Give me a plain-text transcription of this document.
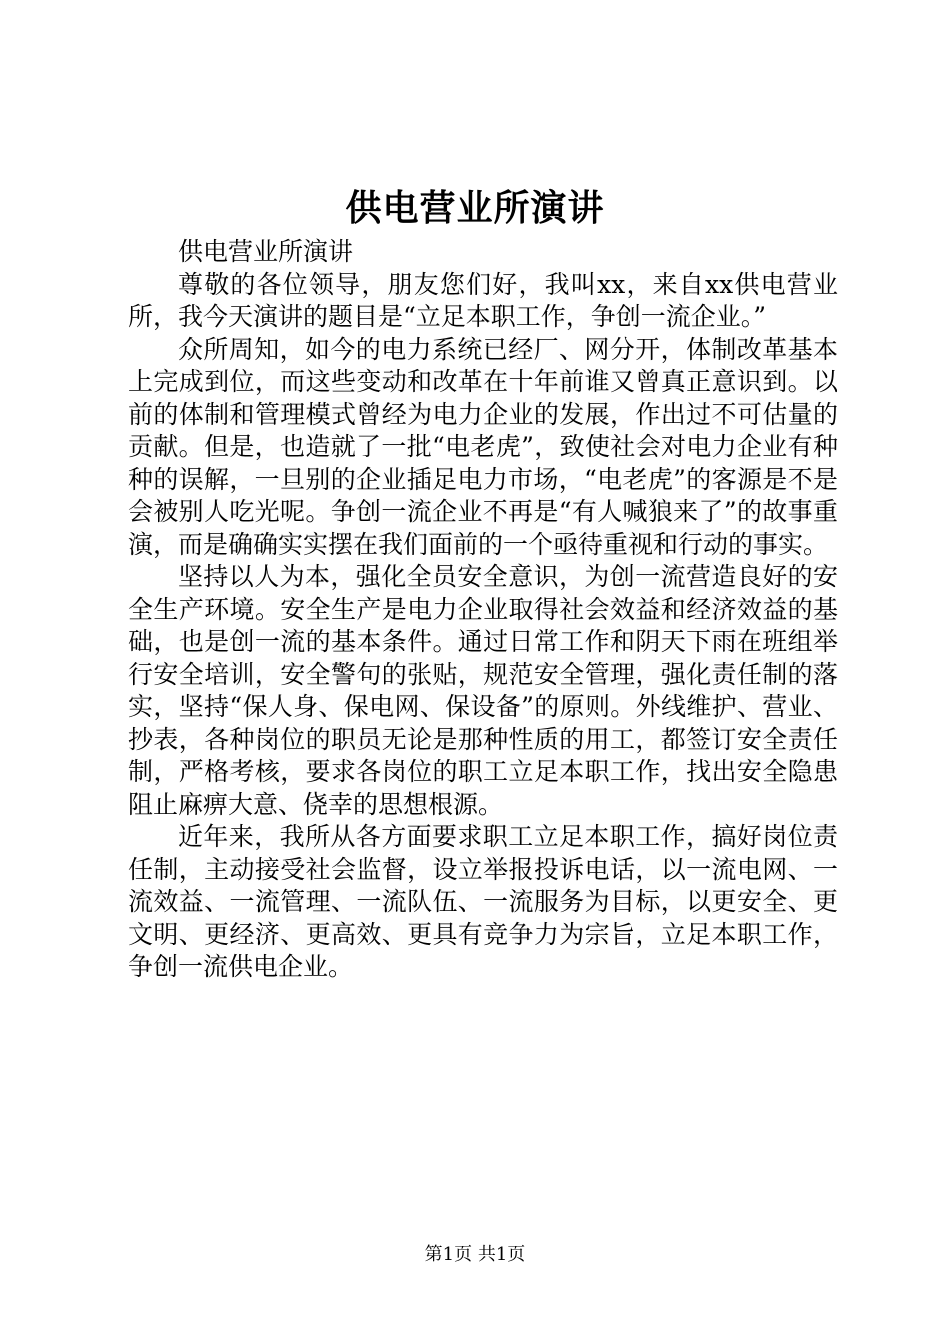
供电营业所演讲

供电营业所演讲

尊敬的各位领导，朋友您们好，我叫xx，来自xx供电营业所，我今天演讲的题目是“立足本职工作，争创一流企业。”

众所周知，如今的电力系统已经厂、网分开，体制改革基本上完成到位，而这些变动和改革在十年前谁又曾真正意识到。以前的体制和管理模式曾经为电力企业的发展，作出过不可估量的贡献。但是，也造就了一批“电老虎”，致使社会对电力企业有种种的误解，一旦别的企业插足电力市场，“电老虎”的客源是不是会被别人吃光呢。争创一流企业不再是“有人喊狼来了”的故事重演，而是确确实实摆在我们面前的一个亟待重视和行动的事实。

坚持以人为本，强化全员安全意识，为创一流营造良好的安全生产环境。安全生产是电力企业取得社会效益和经济效益的基础，也是创一流的基本条件。通过日常工作和阴天下雨在班组举行安全培训，安全警句的张贴，规范安全管理，强化责任制的落实，坚持“保人身、保电网、保设备”的原则。外线维护、营业、抄表，各种岗位的职员无论是那种性质的用工，都签订安全责任制，严格考核，要求各岗位的职工立足本职工作，找出安全隐患阻止麻痹大意、侥幸的思想根源。

近年来，我所从各方面要求职工立足本职工作，搞好岗位责任制，主动接受社会监督，设立举报投诉电话，以一流电网、一流效益、一流管理、一流队伍、一流服务为目标，以更安全、更文明、更经济、更高效、更具有竞争力为宗旨，立足本职工作，争创一流供电企业。

第1页 共1页
